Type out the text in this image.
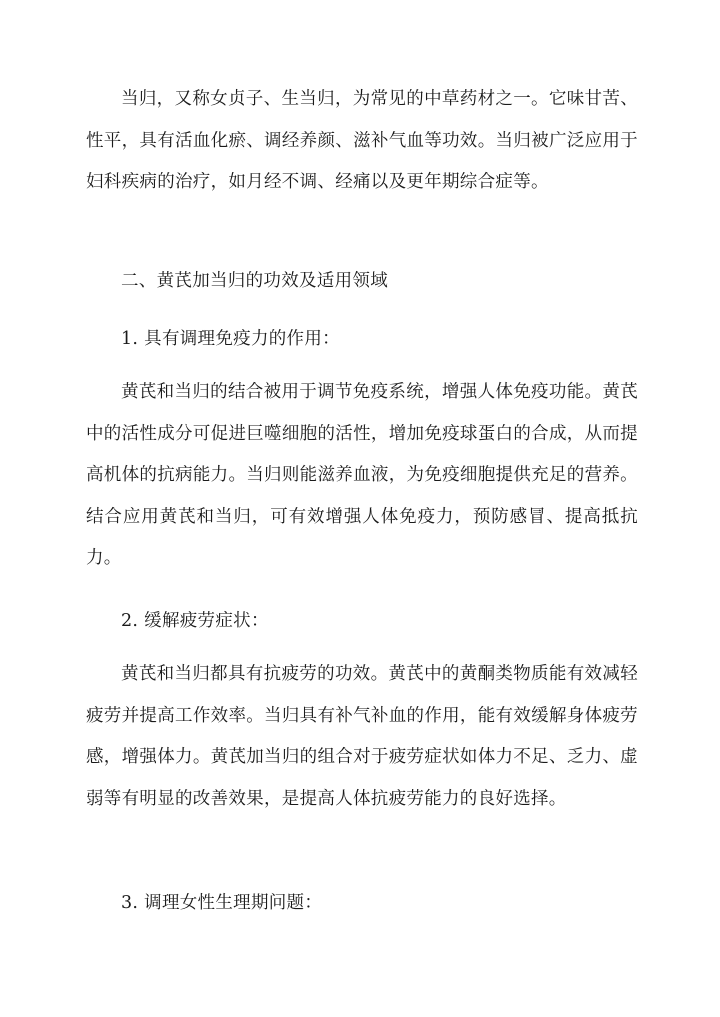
当归，又称女贞子、生当归，为常见的中草药材之一。它味甘苦、性平，具有活血化瘀、调经养颜、滋补气血等功效。当归被广泛应用于妇科疾病的治疗，如月经不调、经痛以及更年期综合症等。

二、黄芪加当归的功效及适用领域

1. 具有调理免疫力的作用：

黄芪和当归的结合被用于调节免疫系统，增强人体免疫功能。黄芪中的活性成分可促进巨噬细胞的活性，增加免疫球蛋白的合成，从而提高机体的抗病能力。当归则能滋养血液，为免疫细胞提供充足的营养。结合应用黄芪和当归，可有效增强人体免疫力，预防感冒、提高抵抗力。

2. 缓解疲劳症状：

黄芪和当归都具有抗疲劳的功效。黄芪中的黄酮类物质能有效减轻疲劳并提高工作效率。当归具有补气补血的作用，能有效缓解身体疲劳感，增强体力。黄芪加当归的组合对于疲劳症状如体力不足、乏力、虚弱等有明显的改善效果，是提高人体抗疲劳能力的良好选择。

3. 调理女性生理期问题：
